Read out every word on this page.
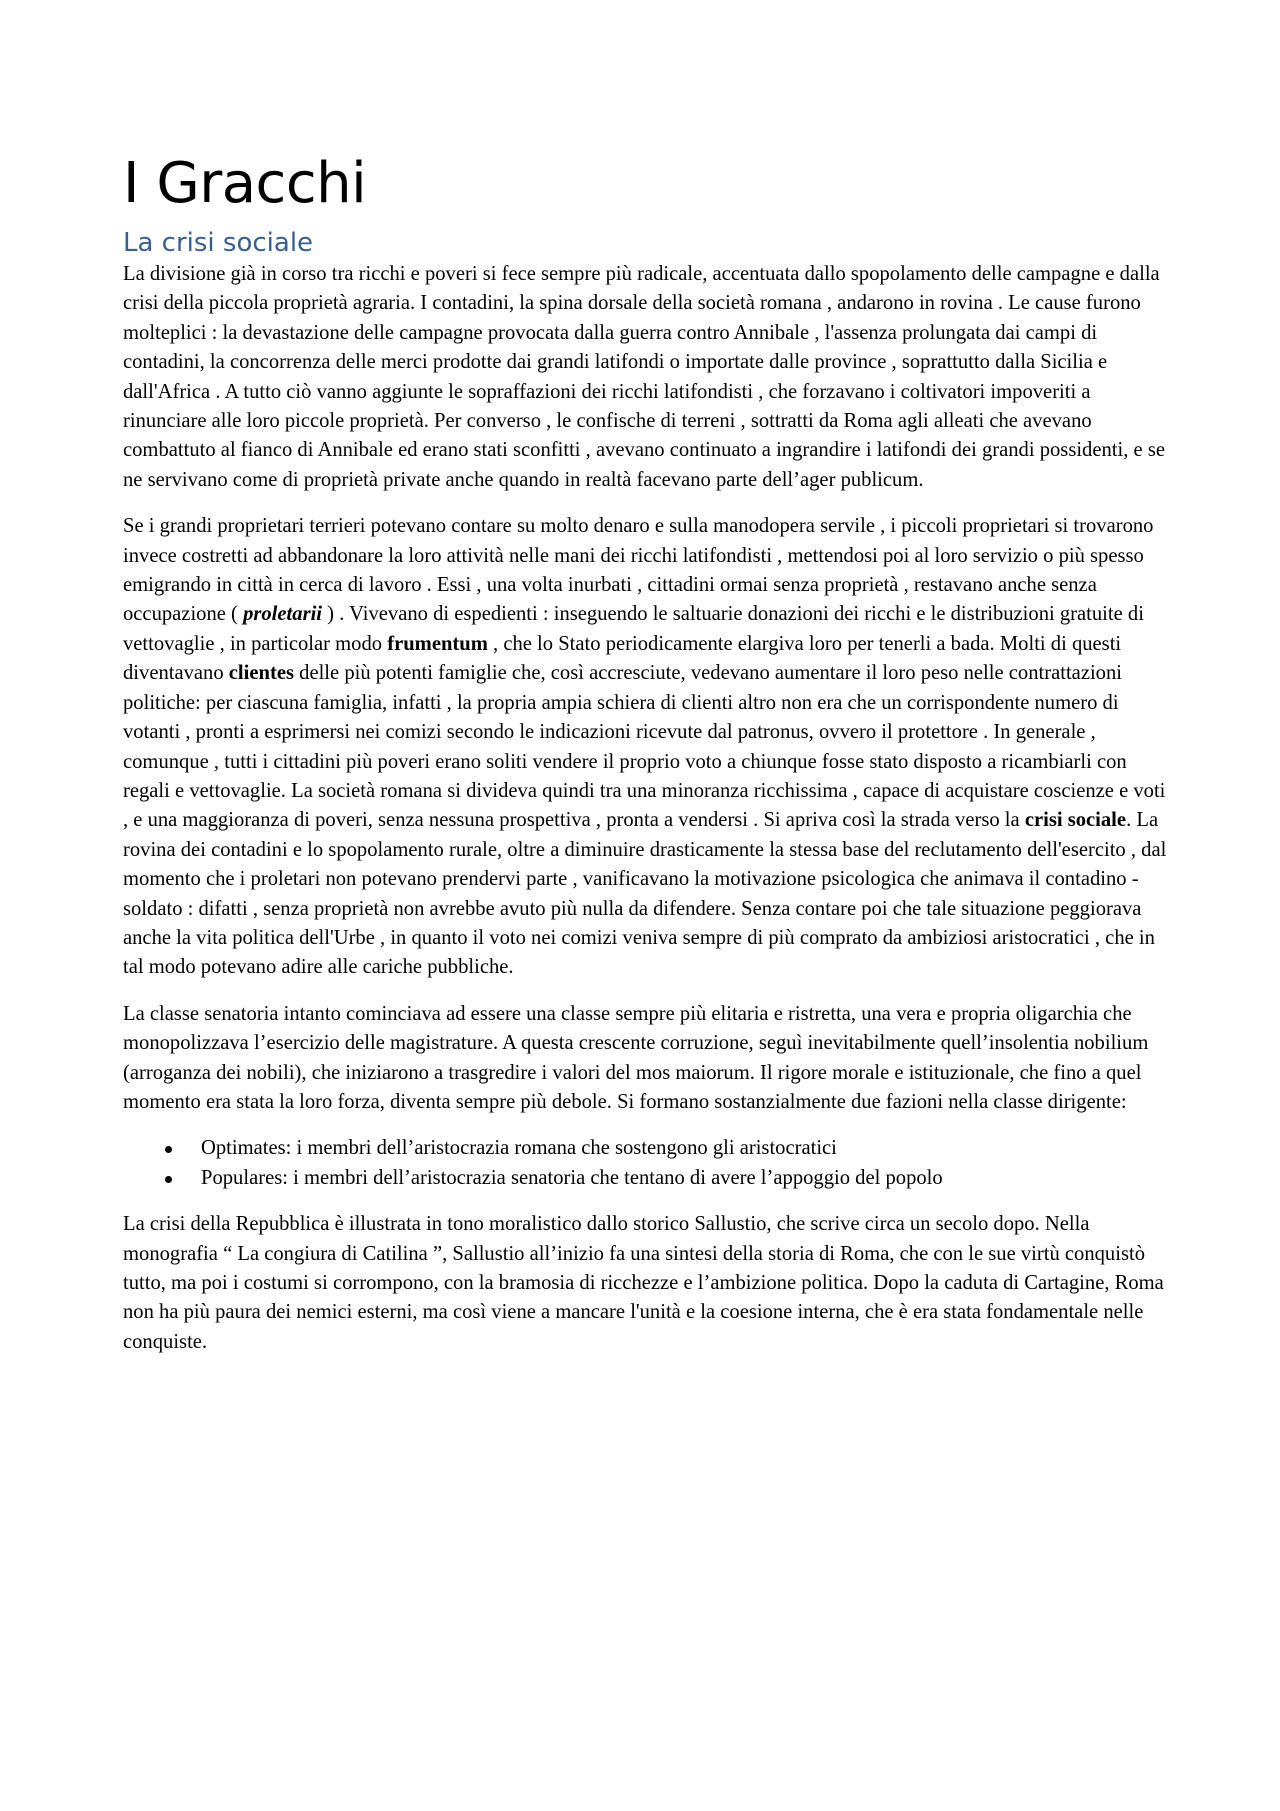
I Gracchi
La crisi sociale

La divisione già in corso tra ricchi e poveri si fece sempre più radicale, accentuata dallo spopolamento delle campagne e dalla crisi della piccola proprietà agraria. I contadini, la spina dorsale della società romana , andarono in rovina . Le cause furono molteplici : la devastazione delle campagne provocata dalla guerra contro Annibale , l'assenza prolungata dai campi di contadini, la concorrenza delle merci prodotte dai grandi latifondi o importate dalle province , soprattutto dalla Sicilia e dall'Africa . A tutto ciò vanno aggiunte le sopraffazioni dei ricchi latifondisti , che forzavano i coltivatori impoveriti a rinunciare alle loro piccole proprietà. Per converso , le confische di terreni , sottratti da Roma agli alleati che avevano combattuto al fianco di Annibale ed erano stati sconfitti , avevano continuato a ingrandire i latifondi dei grandi possidenti, e se ne servivano come di proprietà private anche quando in realtà facevano parte dell’ager publicum.

Se i grandi proprietari terrieri potevano contare su molto denaro e sulla manodopera servile , i piccoli proprietari si trovarono invece costretti ad abbandonare la loro attività nelle mani dei ricchi latifondisti , mettendosi poi al loro servizio o più spesso emigrando in città in cerca di lavoro . Essi , una volta inurbati , cittadini ormai senza proprietà , restavano anche senza occupazione ( proletarii ) . Vivevano di espedienti : inseguendo le saltuarie donazioni dei ricchi e le distribuzioni gratuite di vettovaglie , in particolar modo frumentum , che lo Stato periodicamente elargiva loro per tenerli a bada. Molti di questi diventavano clientes delle più potenti famiglie che, così accresciute, vedevano aumentare il loro peso nelle contrattazioni politiche: per ciascuna famiglia, infatti , la propria ampia schiera di clienti altro non era che un corrispondente numero di votanti , pronti a esprimersi nei comizi secondo le indicazioni ricevute dal patronus, ovvero il protettore . In generale , comunque , tutti i cittadini più poveri erano soliti vendere il proprio voto a chiunque fosse stato disposto a ricambiarli con regali e vettovaglie. La società romana si divideva quindi tra una minoranza ricchissima , capace di acquistare coscienze e voti , e una maggioranza di poveri, senza nessuna prospettiva , pronta a vendersi . Si apriva così la strada verso la crisi sociale. La rovina dei contadini e lo spopolamento rurale, oltre a diminuire drasticamente la stessa base del reclutamento dell'esercito , dal momento che i proletari non potevano prendervi parte , vanificavano la motivazione psicologica che animava il contadino - soldato : difatti , senza proprietà non avrebbe avuto più nulla da difendere. Senza contare poi che tale situazione peggiorava anche la vita politica dell'Urbe , in quanto il voto nei comizi veniva sempre di più comprato da ambiziosi aristocratici , che in tal modo potevano adire alle cariche pubbliche.

La classe senatoria intanto cominciava ad essere una classe sempre più elitaria e ristretta, una vera e propria oligarchia che monopolizzava l’esercizio delle magistrature. A questa crescente corruzione, seguì inevitabilmente quell’insolentia nobilium (arroganza dei nobili), che iniziarono a trasgredire i valori del mos maiorum. Il rigore morale e istituzionale, che fino a quel momento era stata la loro forza, diventa sempre più debole. Si formano sostanzialmente due fazioni nella classe dirigente:

Optimates: i membri dell’aristocrazia romana che sostengono gli aristocratici
Populares: i membri dell’aristocrazia senatoria che tentano di avere l’appoggio del popolo

La crisi della Repubblica è illustrata in tono moralistico dallo storico Sallustio, che scrive circa un secolo dopo. Nella monografia “ La congiura di Catilina ”, Sallustio all’inizio fa una sintesi della storia di Roma, che con le sue virtù conquistò tutto, ma poi i costumi si corrompono, con la bramosia di ricchezze e l’ambizione politica. Dopo la caduta di Cartagine, Roma non ha più paura dei nemici esterni, ma così viene a mancare l'unità e la coesione interna, che è era stata fondamentale nelle conquiste.
